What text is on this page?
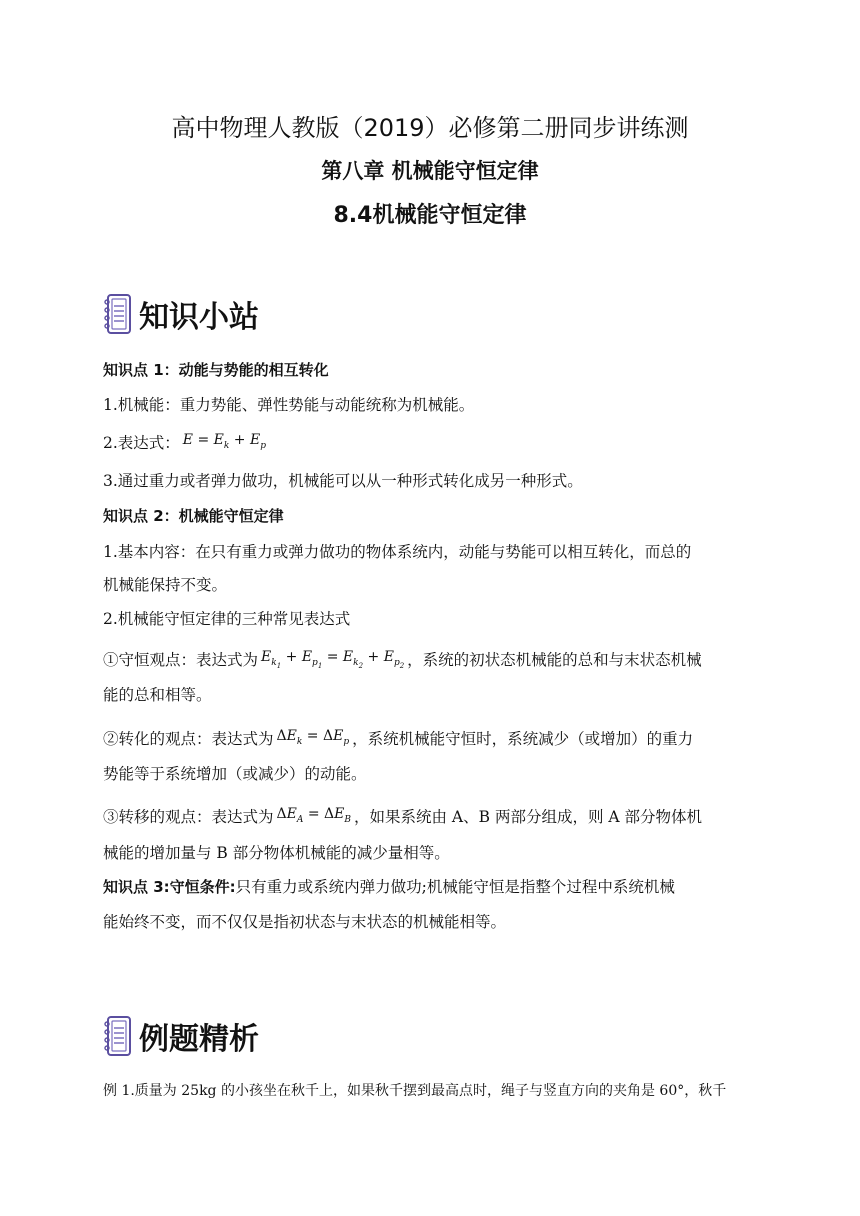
高中物理人教版（2019）必修第二册同步讲练测
第八章 机械能守恒定律
8.4机械能守恒定律
知识小站
知识点 1：动能与势能的相互转化
1.机械能：重力势能、弹性势能与动能统称为机械能。
2.表达式： $E = E_k + E_p$
3.通过重力或者弹力做功，机械能可以从一种形式转化成另一种形式。
知识点 2：机械能守恒定律
1.基本内容：在只有重力或弹力做功的物体系统内，动能与势能可以相互转化，而总的
机械能保持不变。
2.机械能守恒定律的三种常见表达式
①守恒观点：表达式为 $E_{k_1} + E_{p_1} = E_{k_2} + E_{p_2}$ ，系统的初状态机械能的总和与末状态机械
能的总和相等。
②转化的观点：表达式为 $\Delta E_k = \Delta E_p$ ，系统机械能守恒时，系统减少（或增加）的重力
势能等于系统增加（或减少）的动能。
③转移的观点：表达式为 $\Delta E_A = \Delta E_B$ ，如果系统由 A、B 两部分组成，则 A 部分物体机
械能的增加量与 B 部分物体机械能的减少量相等。
知识点 3:守恒条件:只有重力或系统内弹力做功;机械能守恒是指整个过程中系统机械
能始终不变，而不仅仅是指初状态与末状态的机械能相等。
例题精析
例 1.质量为 25kg 的小孩坐在秋千上，如果秋千摆到最高点时，绳子与竖直方向的夹角是 60°，秋千
